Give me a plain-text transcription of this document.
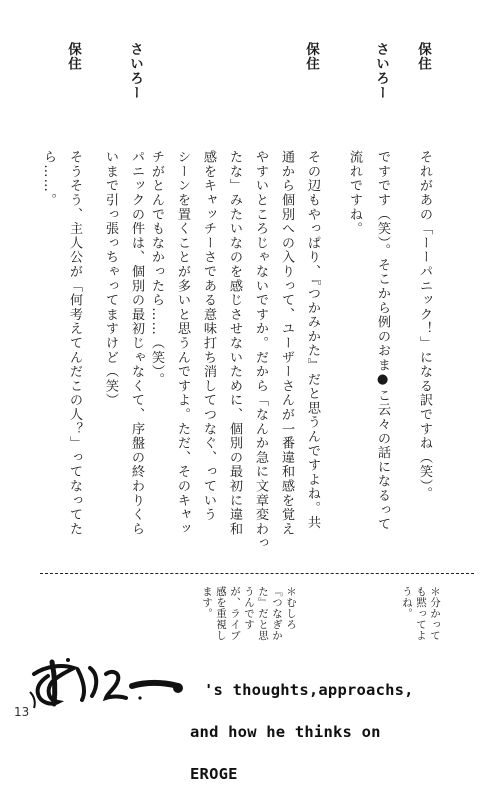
保住
さいろー
保住
さいろー
保住
それがあの「ーーパニック！」になる訳ですね（笑）。
ですです（笑）。そこから例のおま●こ云々の話になるって
流れですね。
その辺もやっぱり、『つかみかた』だと思うんですよね。共
通から個別への入りって、ユーザーさんが一番違和感を覚え
やすいところじゃないですか。だから「なんか急に文章変わっ
たな」みたいなのを感じさせないために、個別の最初に違和
感をキャッチーさである意味打ち消してつなぐ、っていう
シーンを置くことが多いと思うんですよ。ただ、そのキャッ
チがとんでもなかったら……（笑）。
パニックの件は、個別の最初じゃなくて、序盤の終わりくら
いまで引っ張っちゃってますけど（笑）
そうそう、主人公が「何考えてんだこの人？」ってなってた
ら……。
＊分かって
も黙ってよ
うね。
＊むしろ
『つなぎか
た』だと思
うんです
が、ライブ
感を重視し
ます。

's thoughts,approachs,

and how he thinks on

EROGE

13
